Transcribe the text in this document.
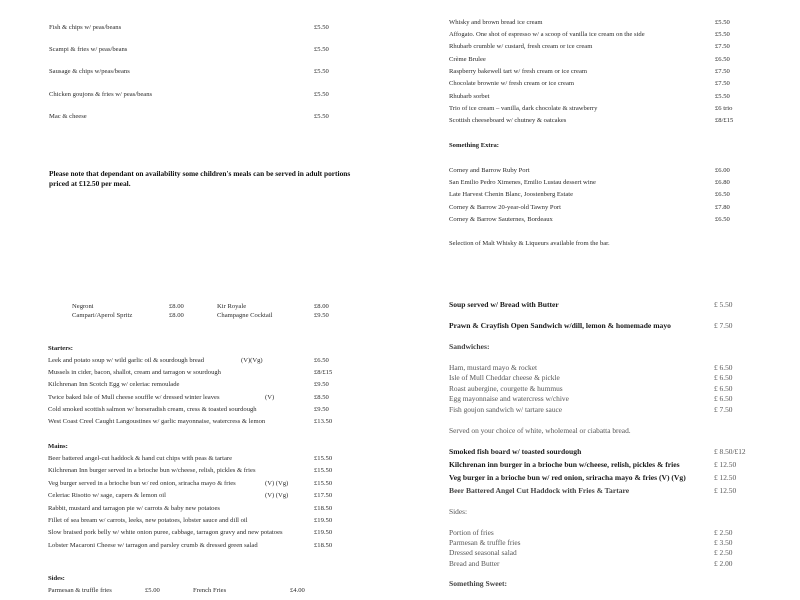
Fish & chips w/ peas/beans	£5.50
Scampi & fries w/ peas/beans	£5.50
Sausage & chips w/peas/beans	£5.50
Chicken goujons & fries w/ peas/beans	£5.50
Mac & cheese	£5.50
Please note that dependant on availability some children's meals can be served in adult portions priced at £12.50 per meal.
Whisky and brown bread ice cream	£5.50
Affogato. One shot of espresso w/ a scoop of vanilla ice cream on the side	£5.50
Rhubarb crumble w/ custard, fresh cream or ice cream	£7.50
Crème Brulee	£6.50
Raspberry bakewell tart w/ fresh cream or ice cream	£7.50
Chocolate brownie w/ fresh cream or ice cream	£7.50
Rhubarb sorbet	£5.50
Trio of ice cream – vanilla, dark chocolate & strawberry	£6 trio
Scottish cheeseboard w/ chutney & oatcakes	£8/£15
Something Extra:
Corney and Barrow Ruby Port	£6.00
San Emilio Pedro Ximenes, Emilio Lustau dessert wine	£6.80
Late Harvest Chenin Blanc, Joostenberg Estate	£6.50
Corney & Barrow 20-year-old Tawny Port	£7.80
Corney & Barrow Sauternes, Bordeaux	£6.50
Selection of Malt Whisky & Liqueurs available from the bar.
Negroni	£8.00
Campari/Aperol Spritz	£8.00
Kir Royale	£8.00
Champagne Cocktail	£9.50
Starters:
Leek and potato soup w/ wild garlic oil & sourdough bread	(V)(Vg)	£6.50
Mussels in cider, bacon, shallot, cream and tarragon w sourdough	£8/£15
Kilchrenan Inn Scotch Egg w/ celeriac remoulade	£9.50
Twice baked Isle of Mull cheese souffle w/ dressed winter leaves	(V)	£8.50
Cold smoked scottish salmon w/ horseradish cream, cress & toasted sourdough	£9.50
West Coast Creel Caught Langoustines w/ garlic mayonnaise, watercress & lemon	£13.50
Mains:
Beer battered angel-cut haddock & hand cut chips with peas & tartare	£15.50
Kilchrenan Inn burger served in a brioche bun w/cheese, relish, pickles & fries	£15.50
Veg burger served in a brioche bun w/ red onion, sriracha mayo & fries	(V) (Vg)	£15.50
Celeriac Risotto w/ sage, capers & lemon oil	(V) (Vg)	£17.50
Rabbit, mustard and tarragon pie w/ carrots & baby new potatoes	£18.50
Fillet of sea bream w/ carrots, leeks, new potatoes, lobster sauce and dill oil	£19.50
Slow braised pork belly w/ white onion puree, cabbage, tarragon gravy and new potatoes	£19.50
Lobster Macaroni Cheese w/ tarragon and parsley crumb & dressed green salad	£18.50
Sides:
Parmesan & truffle fries	£5.00	French Fries	£4.00
Soup served w/ Bread with Butter	£ 5.50
Prawn & Crayfish Open Sandwich w/dill, lemon & homemade mayo	£ 7.50
Sandwiches:
Ham, mustard mayo & rocket	£ 6.50
Isle of Mull Cheddar cheese & pickle	£ 6.50
Roast aubergine, courgette & hummus	£ 6.50
Egg mayonnaise and watercress w/chive	£ 6.50
Fish goujon sandwich w/ tartare sauce	£ 7.50
Served on your choice of white, wholemeal or ciabatta bread.
Smoked fish board w/ toasted sourdough	£ 8.50/£12
Kilchrenan inn burger in a brioche bun w/cheese, relish, pickles & fries	£ 12.50
Veg burger in a brioche bun w/ red onion, sriracha mayo & fries (V) (Vg)	£ 12.50
Beer Battered Angel Cut Haddock with Fries & Tartare	£ 12.50
Sides:
Portion of fries	£ 2.50
Parmesan & truffle fries	£ 3.50
Dressed seasonal salad	£ 2.50
Bread and Butter	£ 2.00
Something Sweet:
